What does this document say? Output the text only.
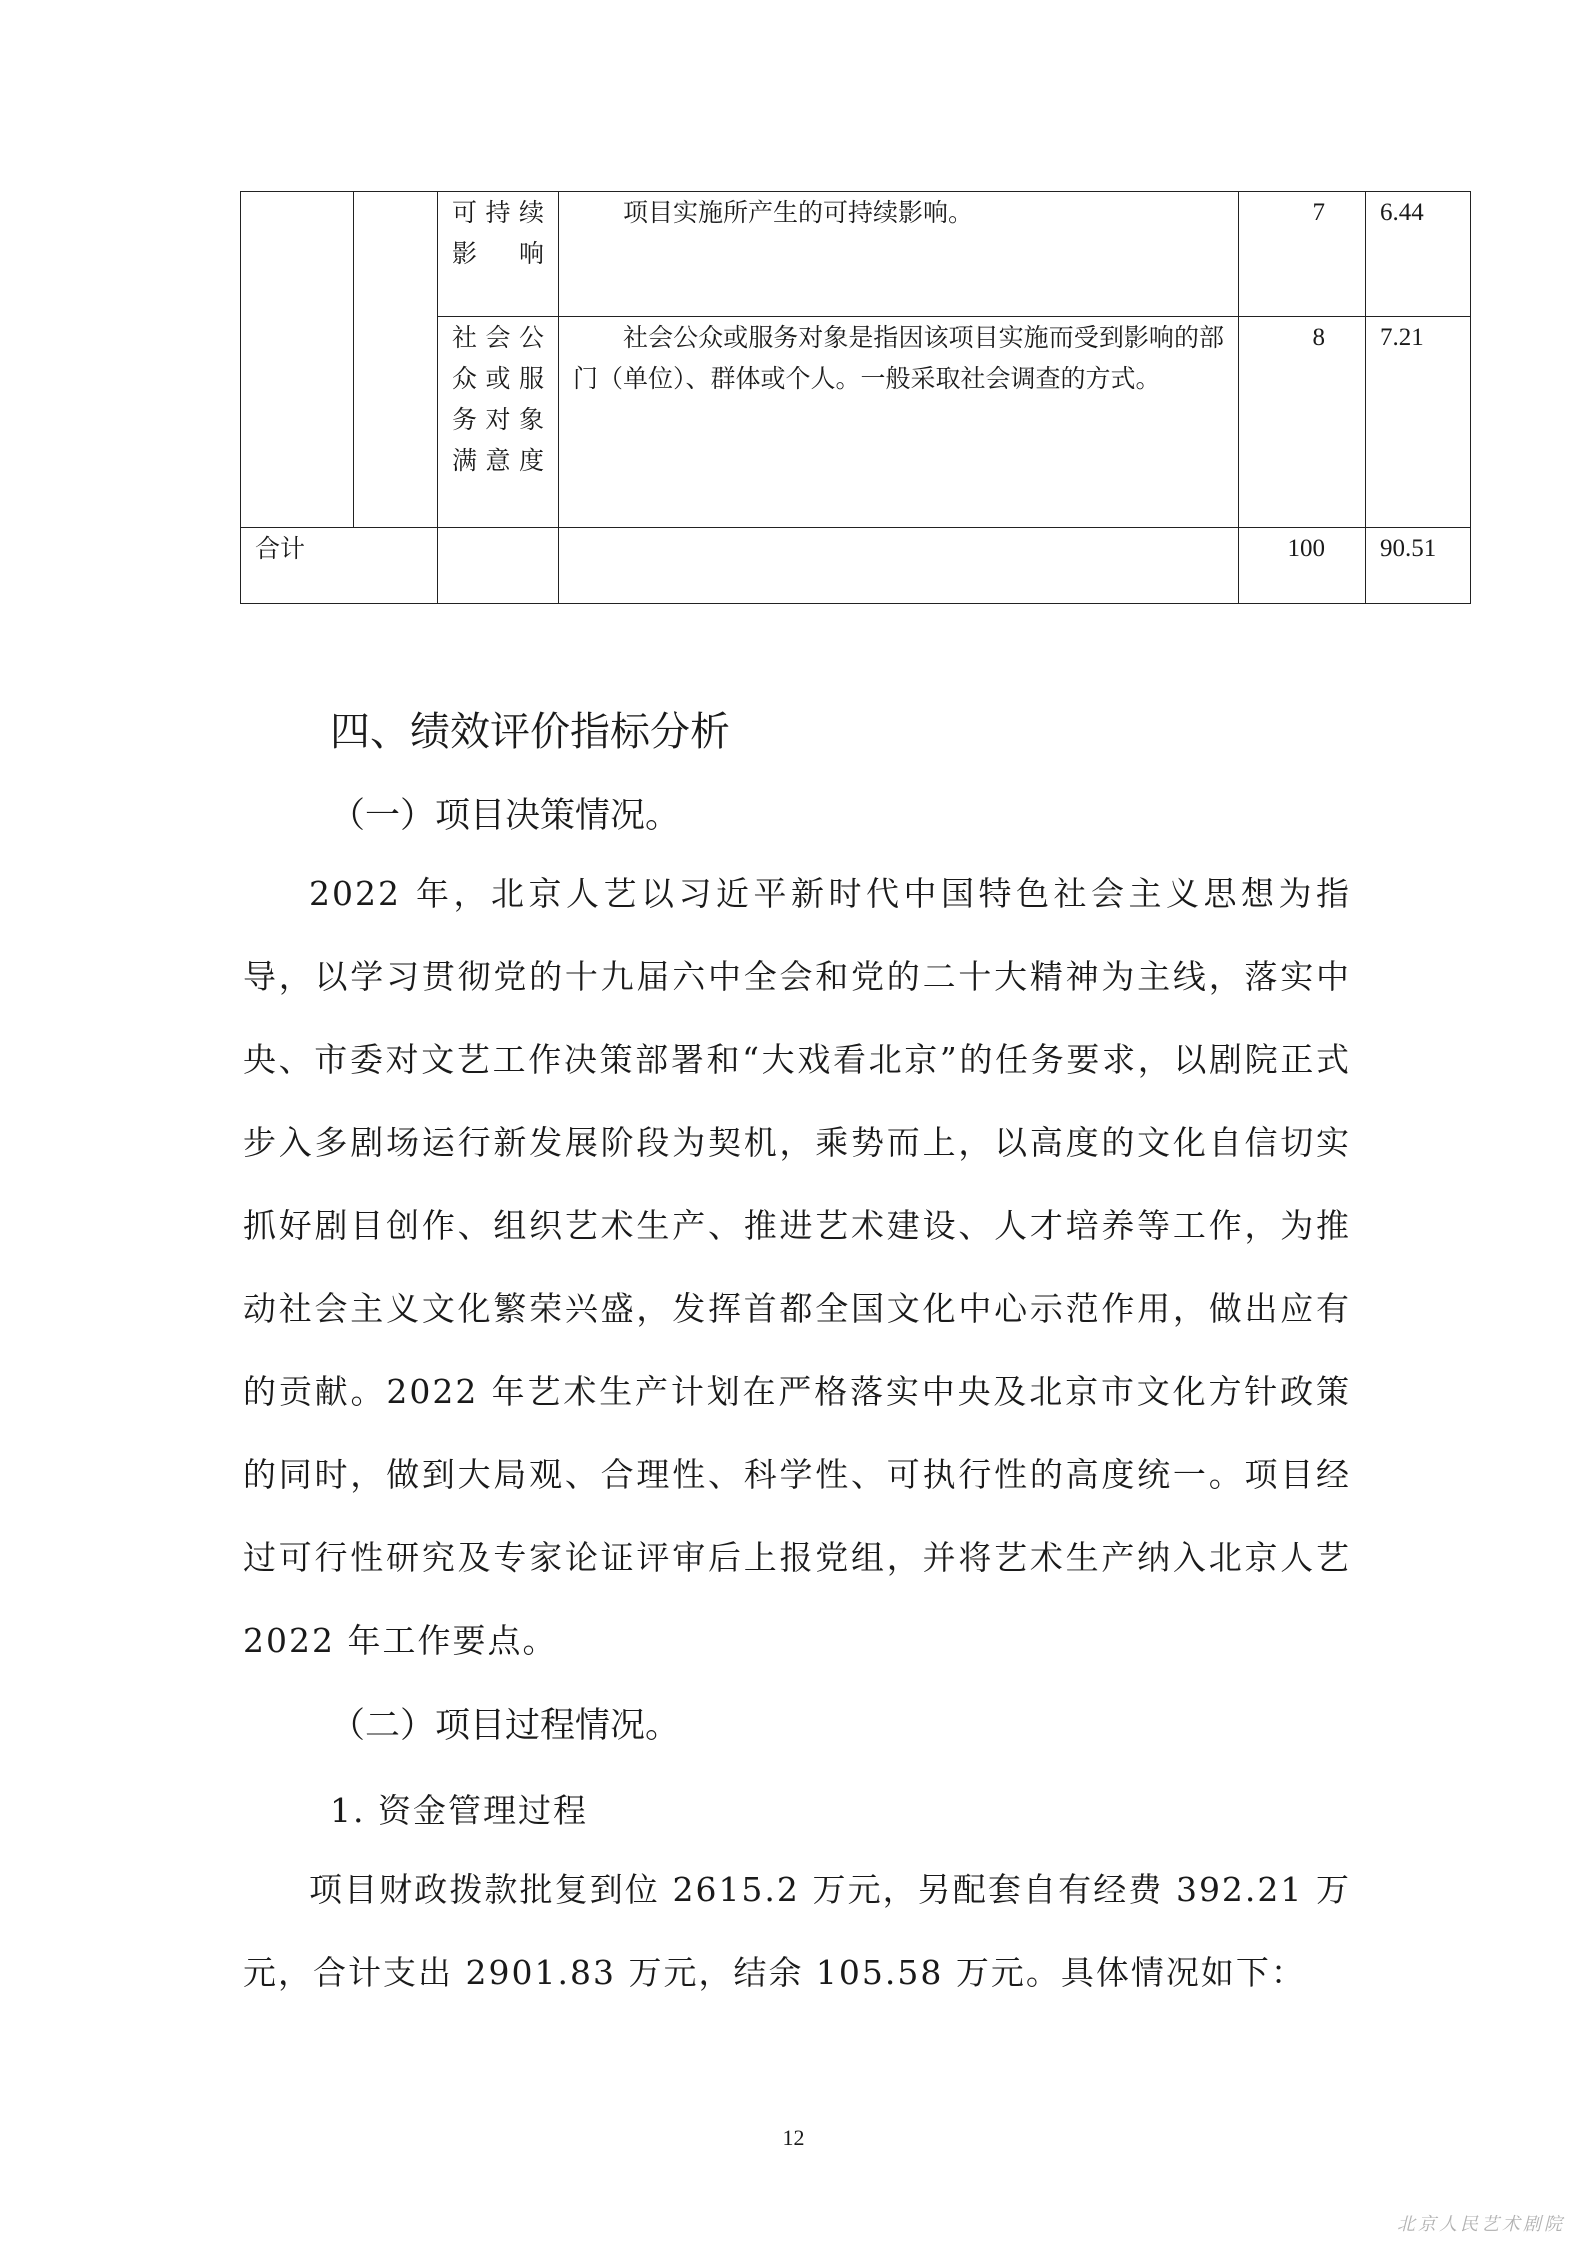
		可持续影响	项目实施所产生的可持续影响。	7	6.44
		社会公众或服务对象满意度	社会公众或服务对象是指因该项目实施而受到影响的部门（单位）、群体或个人。一般采取社会调查的方式。	8	7.21
合计				100	90.51
四、绩效评价指标分析
（一）项目决策情况。
2022 年，北京人艺以习近平新时代中国特色社会主义思想为指导，以学习贯彻党的十九届六中全会和党的二十大精神为主线，落实中央、市委对文艺工作决策部署和“大戏看北京”的任务要求，以剧院正式步入多剧场运行新发展阶段为契机，乘势而上，以高度的文化自信切实抓好剧目创作、组织艺术生产、推进艺术建设、人才培养等工作，为推动社会主义文化繁荣兴盛，发挥首都全国文化中心示范作用，做出应有的贡献。2022 年艺术生产计划在严格落实中央及北京市文化方针政策的同时，做到大局观、合理性、科学性、可执行性的高度统一。项目经过可行性研究及专家论证评审后上报党组，并将艺术生产纳入北京人艺 2022 年工作要点。
（二）项目过程情况。
1. 资金管理过程
项目财政拨款批复到位 2615.2 万元，另配套自有经费 392.21 万元，合计支出 2901.83 万元，结余 105.58 万元。具体情况如下：
12
北京人民艺术剧院
